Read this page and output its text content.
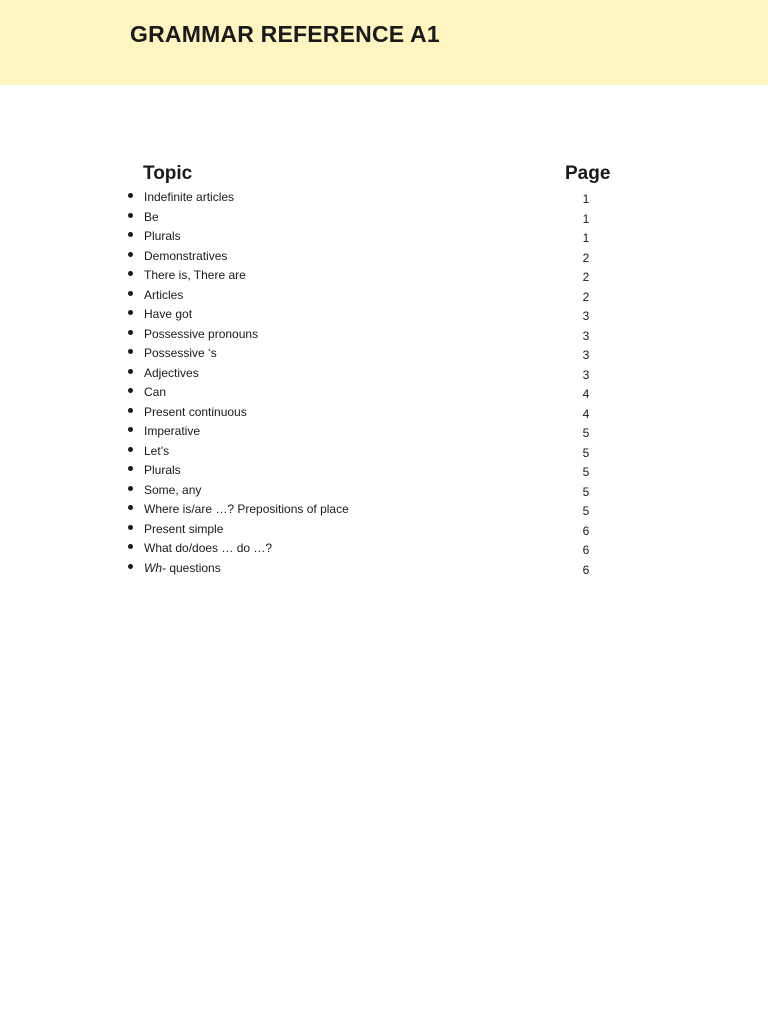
GRAMMAR REFERENCE A1
Topic	Page
Indefinite articles	1
Be	1
Plurals	1
Demonstratives	2
There is, There are	2
Articles	2
Have got	3
Possessive pronouns	3
Possessive ‘s	3
Adjectives	3
Can	4
Present continuous	4
Imperative	5
Let’s	5
Plurals	5
Some, any	5
Where is/are …? Prepositions of place	5
Present simple	6
What do/does … do …?	6
Wh- questions	6
